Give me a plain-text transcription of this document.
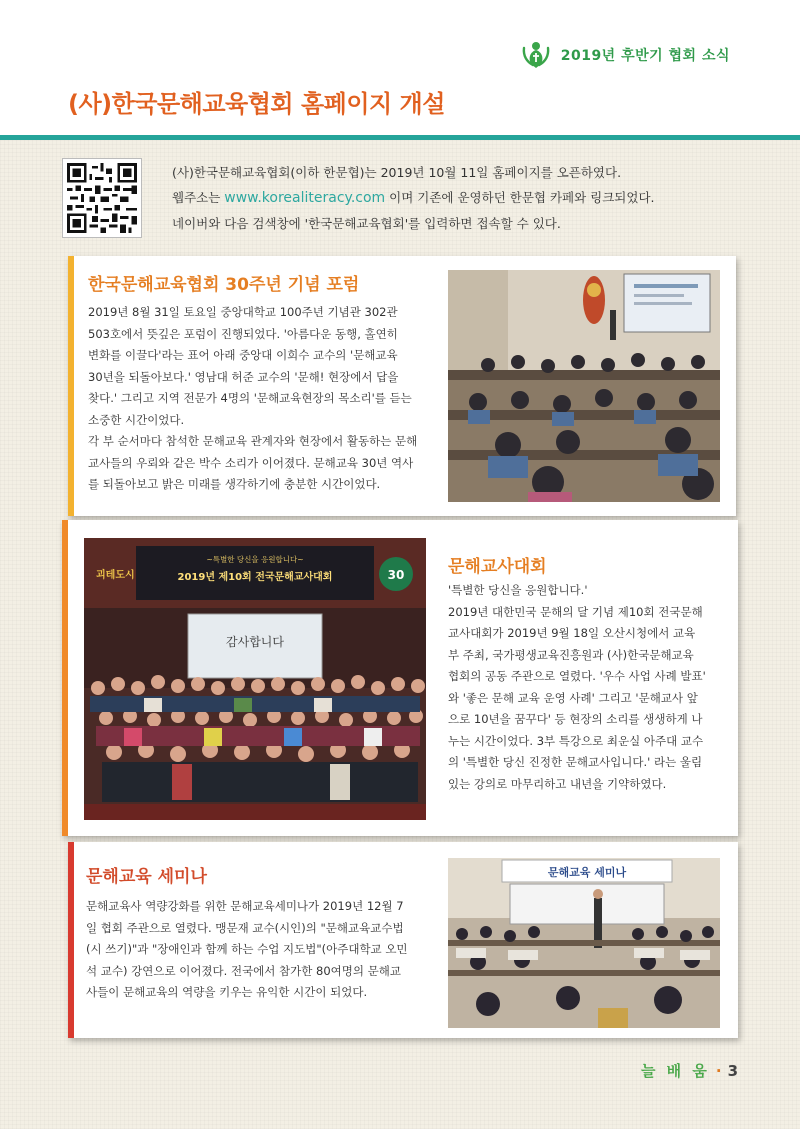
2019년 후반기 협회 소식
(사)한국문해교육협회 홈페이지 개설

(사)한국문해교육협회(이하 한문협)는 2019년 10월 11일 홈페이지를 오픈하였다.

웹주소는 www.korealiteracy.com 이며 기존에 운영하던 한문협 카페와 링크되었다.

네이버와 다음 검색창에 '한국문해교육협회'를 입력하면 접속할 수 있다.

한국문해교육협회 30주년 기념 포럼

2019년 8월 31일 토요일 중앙대학교 100주년 기념관 302관

503호에서 뜻깊은 포럼이 진행되었다. '아름다운 동행, 홀연히

변화를 이끌다'라는 표어 아래 중앙대 이희수 교수의 '문해교육

30년을 되돌아보다.' 영남대 허준 교수의 '문해! 현장에서 답을

찾다.' 그리고 지역 전문가 4명의 '문해교육현장의 목소리'를 듣는

소중한 시간이었다.

각 부 순서마다 참석한 문해교육 관계자와 현장에서 활동하는 문해

교사들의 우뢰와 같은 박수 소리가 이어졌다. 문해교육 30년 역사

를 되돌아보고 밝은 미래를 생각하기에 충분한 시간이었다.

괴테도시
~특별한 당신을 응원합니다~
2019년 제10회 전국문해교사대회	30
감사합니다
문해교사대회

'특별한 당신을 응원합니다.'

2019년 대한민국 문해의 달 기념 제10회 전국문해

교사대회가 2019년 9월 18일 오산시청에서 교육

부 주최, 국가평생교육진흥원과 (사)한국문해교육

협회의 공동 주관으로 열렸다. '우수 사업 사례 발표'

와 '좋은 문해 교육 운영 사례' 그리고 '문해교사 앞

으로 10년을 꿈꾸다' 등 현장의 소리를 생생하게 나

누는 시간이었다. 3부 특강으로 최운실 아주대 교수

의 '특별한 당신 진정한 문해교사입니다.' 라는 울림

있는 강의로 마무리하고 내년을 기약하였다.

문해교육 세미나

문해교육사 역량강화를 위한 문해교육세미나가 2019년 12월 7

일 협회 주관으로 열렸다. 맹문재 교수(시인)의 "문해교육교수법

(시 쓰기)"과 "장애인과 함께 하는 수업 지도법"(아주대학교 오민

석 교수) 강연으로 이어졌다. 전국에서 참가한 80여명의 문해교

사들이 문해교육의 역량을 키우는 유익한 시간이 되었다.

문해교육 세미나
늘 배 움 · 3
